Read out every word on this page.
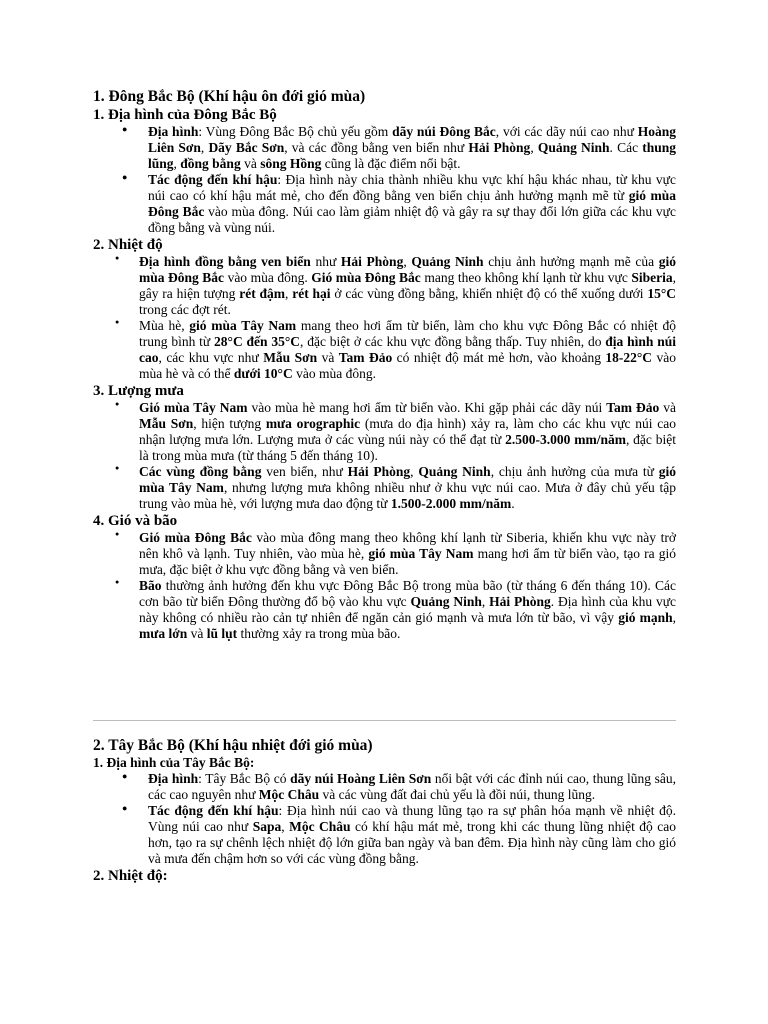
1. Đông Bắc Bộ (Khí hậu ôn đới gió mùa)
1. Địa hình của Đông Bắc Bộ
● Địa hình: Vùng Đông Bắc Bộ chủ yếu gồm dãy núi Đông Bắc, với các dãy núi cao như Hoàng Liên Sơn, Dãy Bắc Sơn, và các đồng bằng ven biển như Hải Phòng, Quảng Ninh. Các thung lũng, đồng bằng và sông Hồng cũng là đặc điểm nổi bật.
● Tác động đến khí hậu: Địa hình này chia thành nhiều khu vực khí hậu khác nhau, từ khu vực núi cao có khí hậu mát mẻ, cho đến đồng bằng ven biển chịu ảnh hưởng mạnh mẽ từ gió mùa Đông Bắc vào mùa đông. Núi cao làm giảm nhiệt độ và gây ra sự thay đổi lớn giữa các khu vực đồng bằng và vùng núi.
2. Nhiệt độ
● Địa hình đồng bằng ven biển như Hải Phòng, Quảng Ninh chịu ảnh hưởng mạnh mẽ của gió mùa Đông Bắc vào mùa đông. Gió mùa Đông Bắc mang theo không khí lạnh từ khu vực Siberia, gây ra hiện tượng rét đậm, rét hại ở các vùng đồng bằng, khiến nhiệt độ có thể xuống dưới 15°C trong các đợt rét.
● Mùa hè, gió mùa Tây Nam mang theo hơi ẩm từ biển, làm cho khu vực Đông Bắc có nhiệt độ trung bình từ 28°C đến 35°C, đặc biệt ở các khu vực đồng bằng thấp. Tuy nhiên, do địa hình núi cao, các khu vực như Mẫu Sơn và Tam Đảo có nhiệt độ mát mẻ hơn, vào khoảng 18-22°C vào mùa hè và có thể dưới 10°C vào mùa đông.
3. Lượng mưa
● Gió mùa Tây Nam vào mùa hè mang hơi ẩm từ biển vào. Khi gặp phải các dãy núi Tam Đảo và Mẫu Sơn, hiện tượng mưa orographic (mưa do địa hình) xảy ra, làm cho các khu vực núi cao nhận lượng mưa lớn. Lượng mưa ở các vùng núi này có thể đạt từ 2.500-3.000 mm/năm, đặc biệt là trong mùa mưa (từ tháng 5 đến tháng 10).
● Các vùng đồng bằng ven biển, như Hải Phòng, Quảng Ninh, chịu ảnh hưởng của mưa từ gió mùa Tây Nam, nhưng lượng mưa không nhiều như ở khu vực núi cao. Mưa ở đây chủ yếu tập trung vào mùa hè, với lượng mưa dao động từ 1.500-2.000 mm/năm.
4. Gió và bão
● Gió mùa Đông Bắc vào mùa đông mang theo không khí lạnh từ Siberia, khiến khu vực này trở nên khô và lạnh. Tuy nhiên, vào mùa hè, gió mùa Tây Nam mang hơi ẩm từ biển vào, tạo ra gió mưa, đặc biệt ở khu vực đồng bằng và ven biển.
● Bão thường ảnh hưởng đến khu vực Đông Bắc Bộ trong mùa bão (từ tháng 6 đến tháng 10). Các cơn bão từ biển Đông thường đổ bộ vào khu vực Quảng Ninh, Hải Phòng. Địa hình của khu vực này không có nhiều rào cản tự nhiên để ngăn cản gió mạnh và mưa lớn từ bão, vì vậy gió mạnh, mưa lớn và lũ lụt thường xảy ra trong mùa bão.
2. Tây Bắc Bộ (Khí hậu nhiệt đới gió mùa)
1. Địa hình của Tây Bắc Bộ:
● Địa hình: Tây Bắc Bộ có dãy núi Hoàng Liên Sơn nổi bật với các đỉnh núi cao, thung lũng sâu, các cao nguyên như Mộc Châu và các vùng đất đai chủ yếu là đồi núi, thung lũng.
● Tác động đến khí hậu: Địa hình núi cao và thung lũng tạo ra sự phân hóa mạnh về nhiệt độ. Vùng núi cao như Sapa, Mộc Châu có khí hậu mát mẻ, trong khi các thung lũng nhiệt độ cao hơn, tạo ra sự chênh lệch nhiệt độ lớn giữa ban ngày và ban đêm. Địa hình này cũng làm cho gió và mưa đến chậm hơn so với các vùng đồng bằng.
2. Nhiệt độ:
